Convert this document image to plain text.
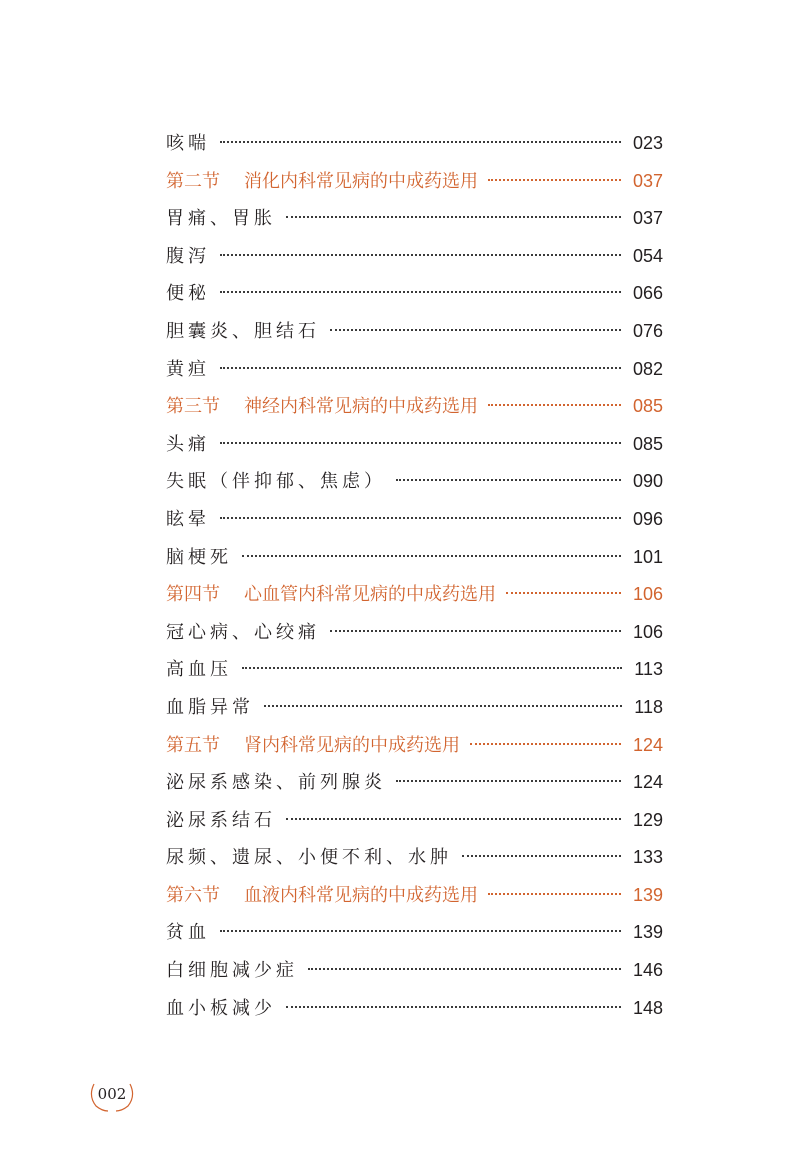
咳喘	023
第二节 消化内科常见病的中成药选用	037
胃痛、胃胀	037
腹泻	054
便秘	066
胆囊炎、胆结石	076
黄疸	082
第三节 神经内科常见病的中成药选用	085
头痛	085
失眠（伴抑郁、焦虑）	090
眩晕	096
脑梗死	101
第四节 心血管内科常见病的中成药选用	106
冠心病、心绞痛	106
高血压	113
血脂异常	118
第五节 肾内科常见病的中成药选用	124
泌尿系感染、前列腺炎	124
泌尿系结石	129
尿频、遗尿、小便不利、水肿	133
第六节 血液内科常见病的中成药选用	139
贫血	139
白细胞减少症	146
血小板减少	148
002
